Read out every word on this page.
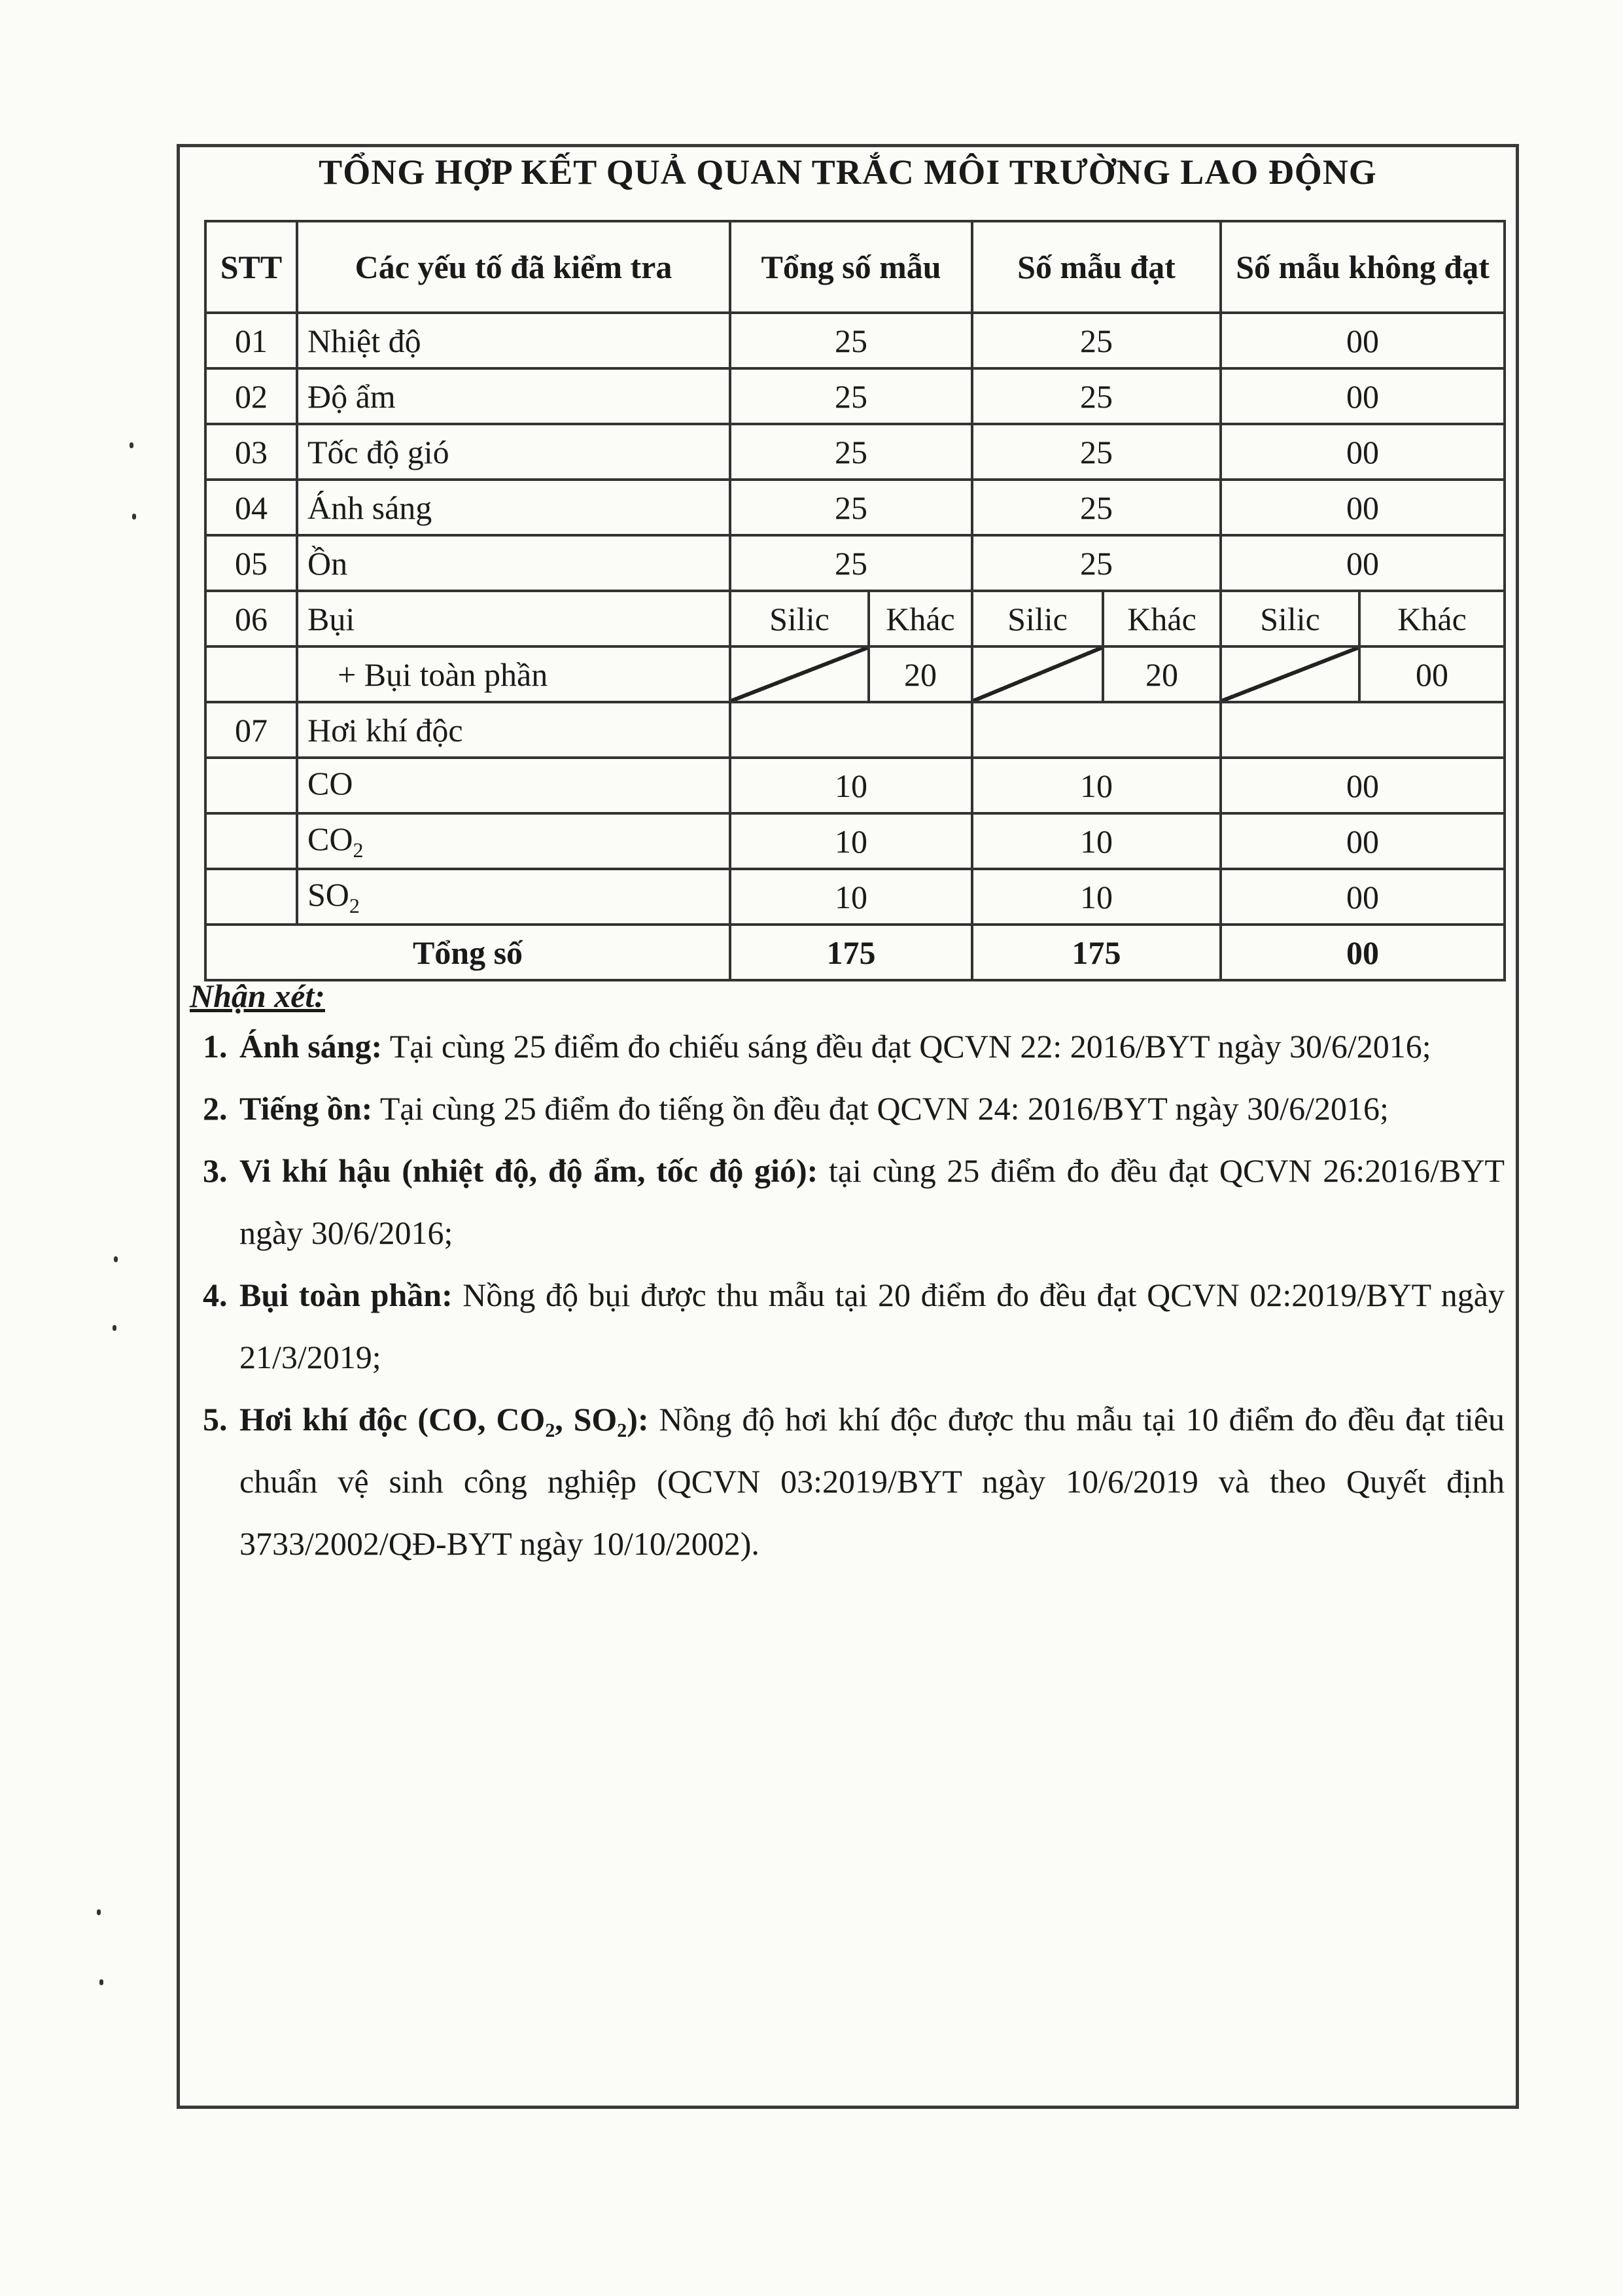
TỔNG HỢP KẾT QUẢ QUAN TRẮC MÔI TRƯỜNG LAO ĐỘNG
STT	Các yếu tố đã kiểm tra	Tổng số mẫu		Số mẫu đạt		Số mẫu không đạt	
01	Nhiệt độ	25		25		00	
02	Độ ẩm	25		25		00	
03	Tốc độ gió	25		25		00	
04	Ánh sáng	25		25		00	
05	Ồn	25		25		00	
06	Bụi	Silic	Khác	Silic	Khác	Silic	Khác
	+ Bụi toàn phần		20		20		00
07	Hơi khí độc						
	CO	10		10		00	
	$CO_2$	10		10		00	
	$SO_2$	10		10		00	
Tổng số		175		175		00	
Nhận xét:
1. Ánh sáng: Tại cùng 25 điểm đo chiếu sáng đều đạt QCVN 22: 2016/BYT ngày 30/6/2016;
2. Tiếng ồn: Tại cùng 25 điểm đo tiếng ồn đều đạt QCVN 24: 2016/BYT ngày 30/6/2016;
3. Vi khí hậu (nhiệt độ, độ ẩm, tốc độ gió): tại cùng 25 điểm đo đều đạt QCVN 26:2016/BYT ngày 30/6/2016;
4. Bụi toàn phần: Nồng độ bụi được thu mẫu tại 20 điểm đo đều đạt QCVN 02:2019/BYT ngày 21/3/2019;
5. Hơi khí độc (CO, CO₂, SO₂): Nồng độ hơi khí độc được thu mẫu tại 10 điểm đo đều đạt tiêu chuẩn vệ sinh công nghiệp (QCVN 03:2019/BYT ngày 10/6/2019 và theo Quyết định 3733/2002/QĐ-BYT ngày 10/10/2002).
